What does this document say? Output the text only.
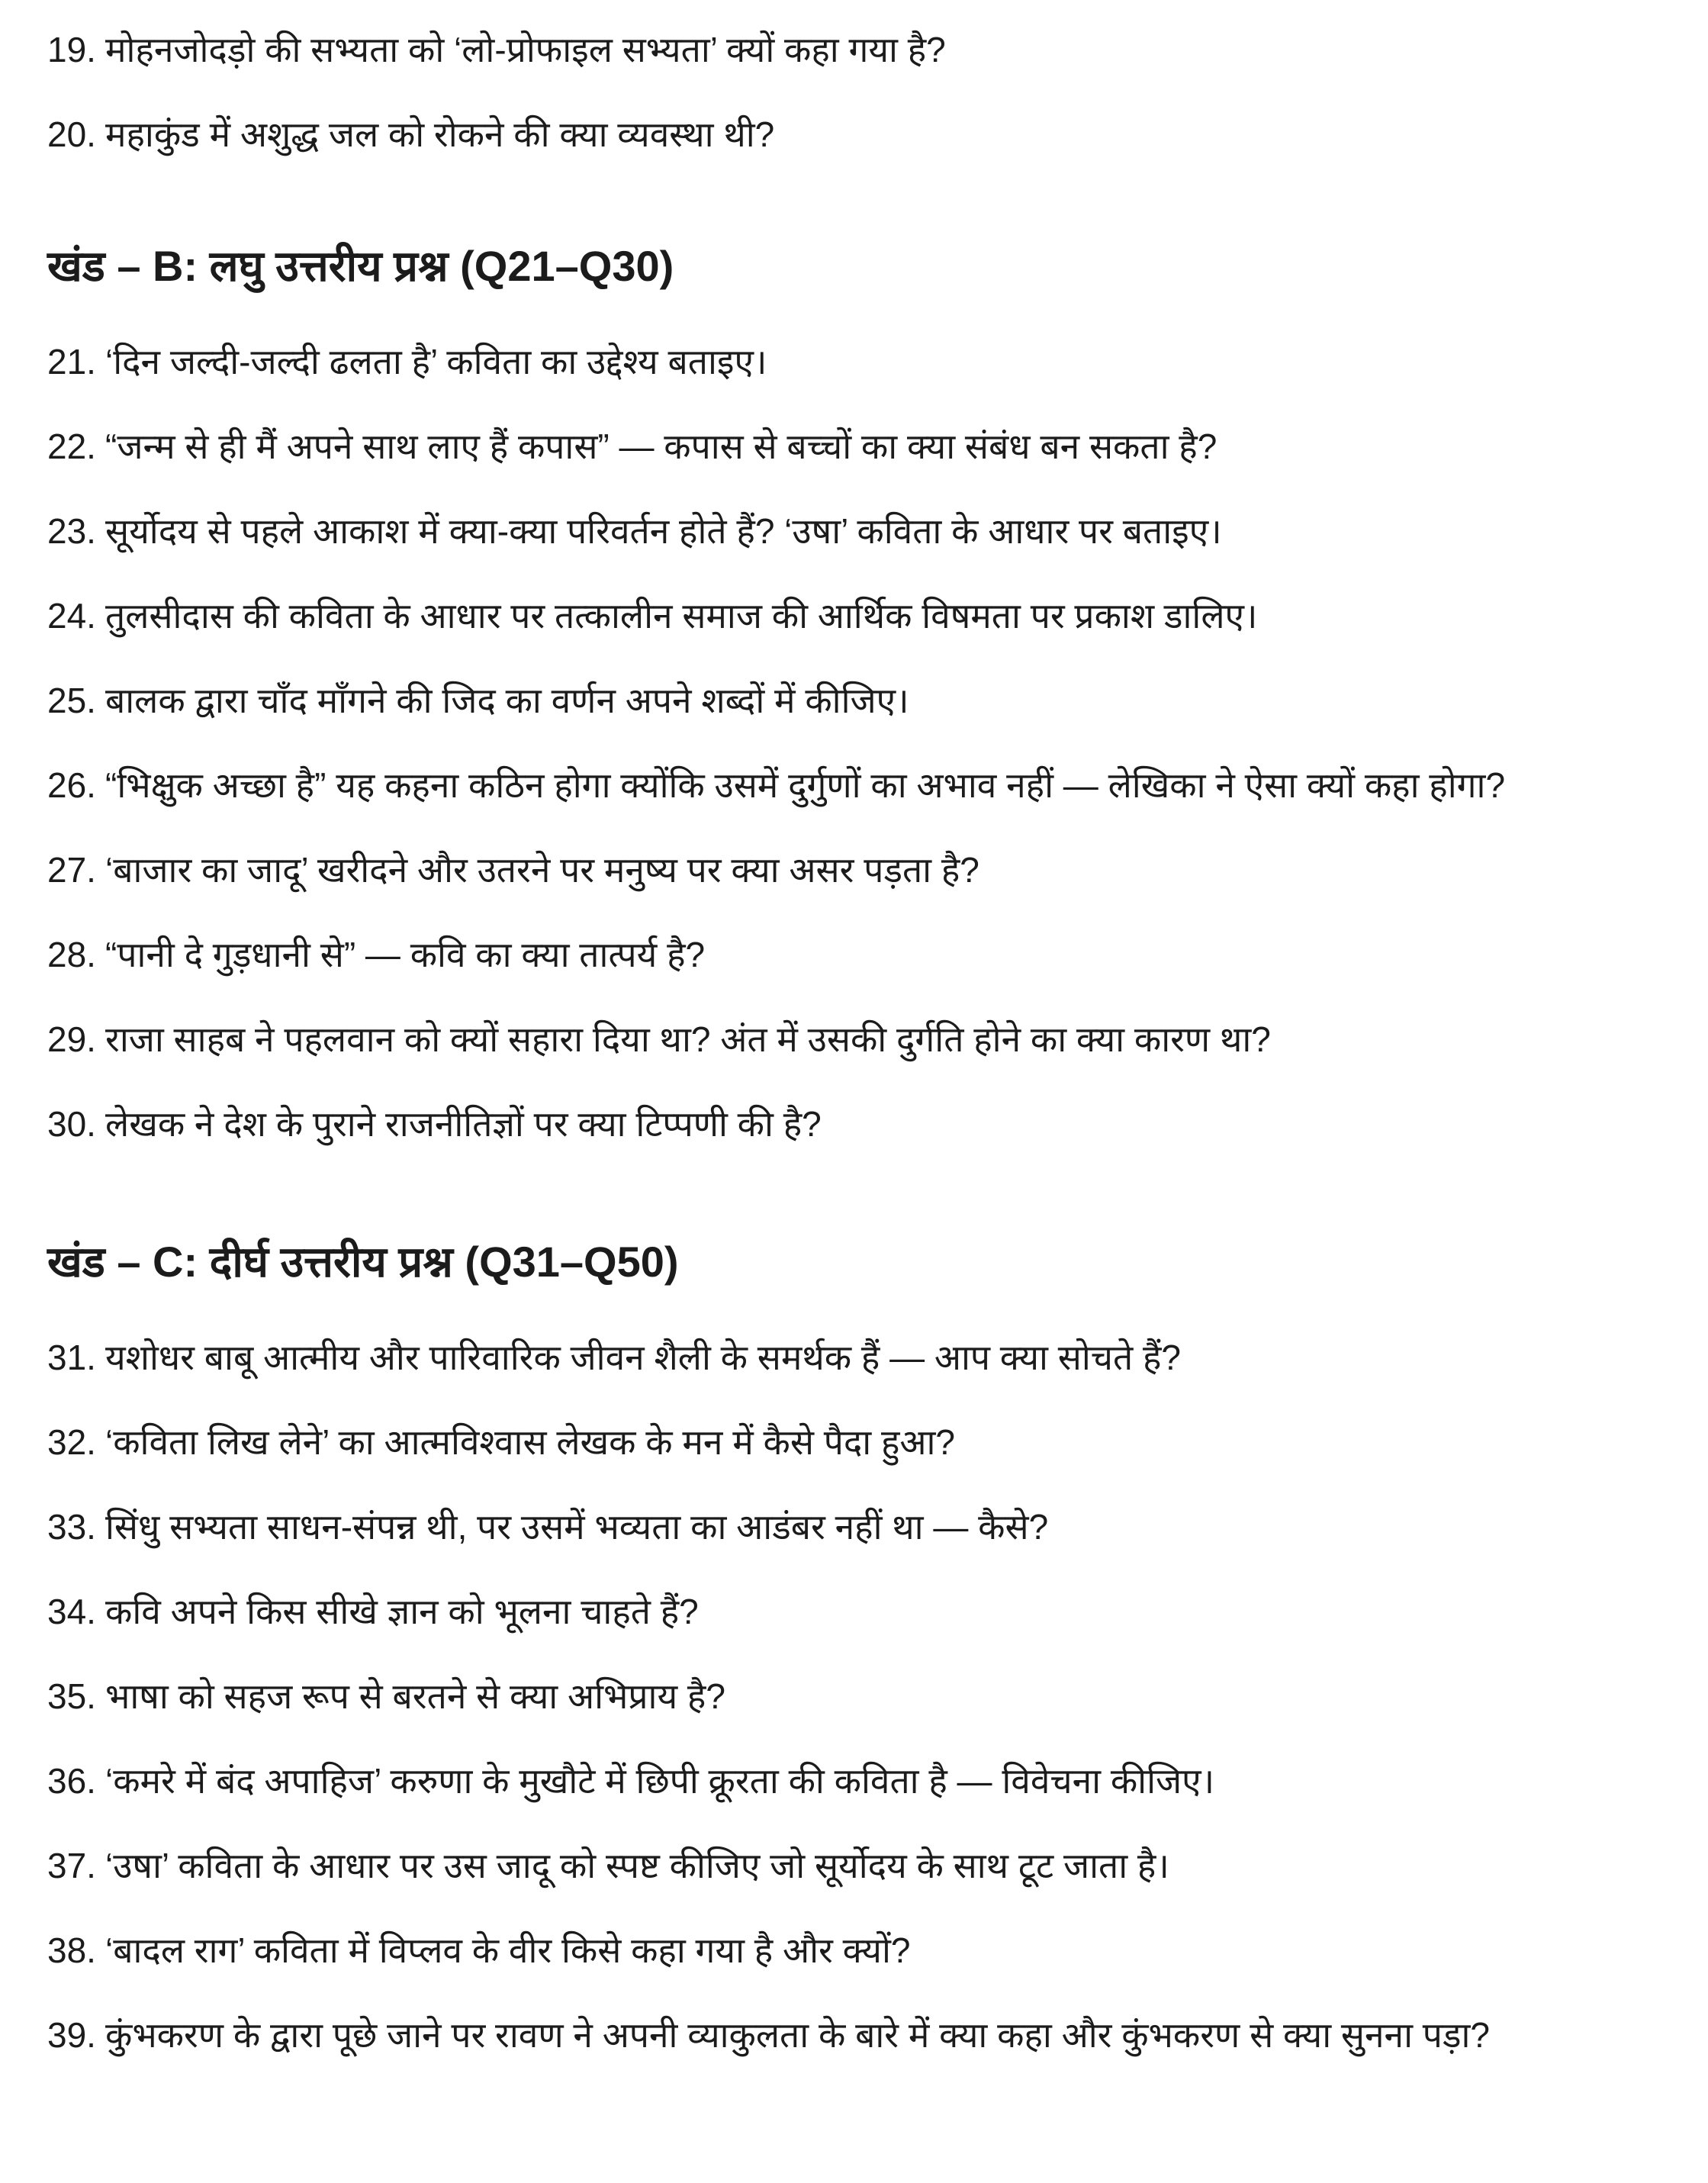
19. मोहनजोदड़ो की सभ्यता को ‘लो-प्रोफाइल सभ्यता’ क्यों कहा गया है?
20. महाकुंड में अशुद्ध जल को रोकने की क्या व्यवस्था थी?
खंड – B: लघु उत्तरीय प्रश्न (Q21–Q30)
21. ‘दिन जल्दी-जल्दी ढलता है’ कविता का उद्देश्य बताइए।
22. “जन्म से ही मैं अपने साथ लाए हैं कपास” — कपास से बच्चों का क्या संबंध बन सकता है?
23. सूर्योदय से पहले आकाश में क्या-क्या परिवर्तन होते हैं? ‘उषा’ कविता के आधार पर बताइए।
24. तुलसीदास की कविता के आधार पर तत्कालीन समाज की आर्थिक विषमता पर प्रकाश डालिए।
25. बालक द्वारा चाँद माँगने की जिद का वर्णन अपने शब्दों में कीजिए।
26. “भिक्षुक अच्छा है” यह कहना कठिन होगा क्योंकि उसमें दुर्गुणों का अभाव नहीं — लेखिका ने ऐसा क्यों कहा होगा?
27. ‘बाजार का जादू’ खरीदने और उतरने पर मनुष्य पर क्या असर पड़ता है?
28. “पानी दे गुड़धानी से” — कवि का क्या तात्पर्य है?
29. राजा साहब ने पहलवान को क्यों सहारा दिया था? अंत में उसकी दुर्गति होने का क्या कारण था?
30. लेखक ने देश के पुराने राजनीतिज्ञों पर क्या टिप्पणी की है?
खंड – C: दीर्घ उत्तरीय प्रश्न (Q31–Q50)
31. यशोधर बाबू आत्मीय और पारिवारिक जीवन शैली के समर्थक हैं — आप क्या सोचते हैं?
32. ‘कविता लिख लेने’ का आत्मविश्वास लेखक के मन में कैसे पैदा हुआ?
33. सिंधु सभ्यता साधन-संपन्न थी, पर उसमें भव्यता का आडंबर नहीं था — कैसे?
34. कवि अपने किस सीखे ज्ञान को भूलना चाहते हैं?
35. भाषा को सहज रूप से बरतने से क्या अभिप्राय है?
36. ‘कमरे में बंद अपाहिज’ करुणा के मुखौटे में छिपी क्रूरता की कविता है — विवेचना कीजिए।
37. ‘उषा’ कविता के आधार पर उस जादू को स्पष्ट कीजिए जो सूर्योदय के साथ टूट जाता है।
38. ‘बादल राग’ कविता में विप्लव के वीर किसे कहा गया है और क्यों?
39. कुंभकरण के द्वारा पूछे जाने पर रावण ने अपनी व्याकुलता के बारे में क्या कहा और कुंभकरण से क्या सुनना पड़ा?
